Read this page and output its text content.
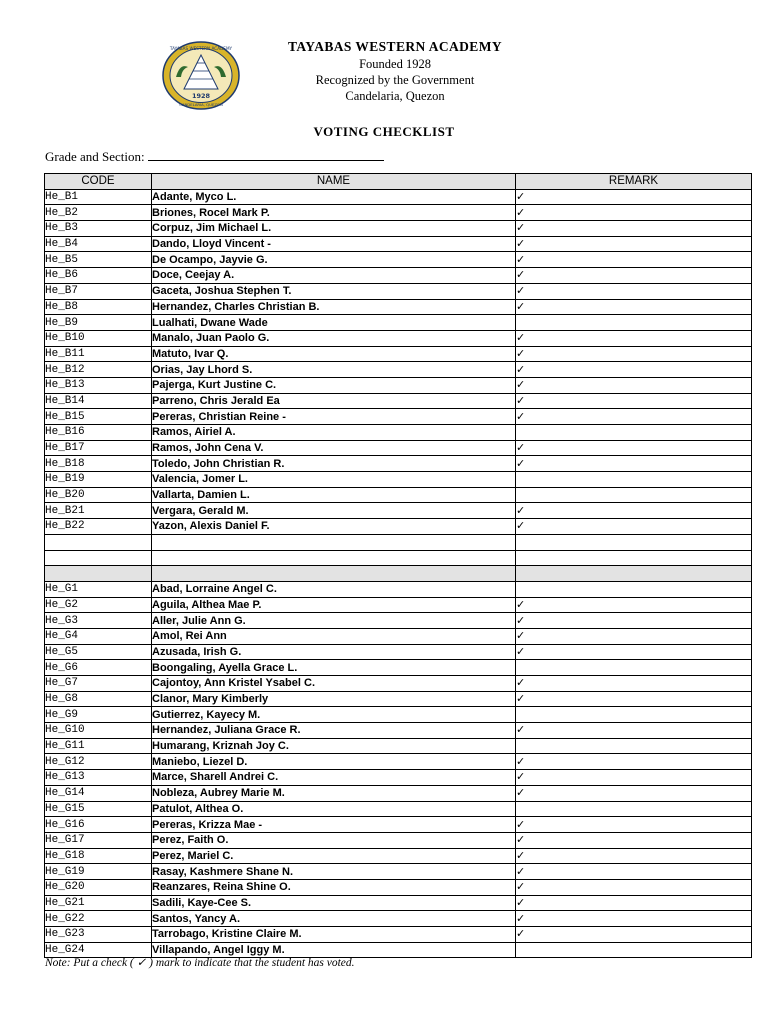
1928
TAYABAS WESTERN ACADEMY
CANDELARIA, QUEZON
TAYABAS WESTERN ACADEMY
Founded 1928
Recognized by the Government
Candelaria, Quezon
VOTING CHECKLIST
Grade and Section:
CODE	NAME	REMARK
He_B1	Adante, Myco L.	✓
He_B2	Briones, Rocel Mark P.	✓
He_B3	Corpuz, Jim Michael L.	✓
He_B4	Dando, Lloyd Vincent -	✓
He_B5	De Ocampo, Jayvie G.	✓
He_B6	Doce, Ceejay A.	✓
He_B7	Gaceta, Joshua Stephen T.	✓
He_B8	Hernandez, Charles Christian B.	✓
He_B9	Lualhati, Dwane Wade	
He_B10	Manalo, Juan Paolo G.	✓
He_B11	Matuto, Ivar Q.	✓
He_B12	Orias, Jay Lhord S.	✓
He_B13	Pajerga, Kurt Justine C.	✓
He_B14	Parreno, Chris Jerald Ea	✓
He_B15	Pereras, Christian Reine -	✓
He_B16	Ramos, Airiel A.	
He_B17	Ramos, John Cena V.	✓
He_B18	Toledo, John Christian R.	✓
He_B19	Valencia, Jomer L.	
He_B20	Vallarta, Damien L.	
He_B21	Vergara, Gerald M.	✓
He_B22	Yazon, Alexis Daniel F.	✓

He_G1	Abad, Lorraine Angel C.	
He_G2	Aguila, Althea Mae P.	✓
He_G3	Aller, Julie Ann G.	✓
He_G4	Amol, Rei Ann	✓
He_G5	Azusada, Irish G.	✓
He_G6	Boongaling, Ayella Grace L.	
He_G7	Cajontoy, Ann Kristel Ysabel C.	✓
He_G8	Clanor, Mary Kimberly	✓
He_G9	Gutierrez, Kayecy M.	
He_G10	Hernandez, Juliana Grace R.	✓
He_G11	Humarang, Kriznah Joy C.	
He_G12	Maniebo, Liezel D.	✓
He_G13	Marce, Sharell Andrei C.	✓
He_G14	Nobleza, Aubrey Marie M.	✓
He_G15	Patulot, Althea O.	
He_G16	Pereras, Krizza Mae -	✓
He_G17	Perez, Faith O.	✓
He_G18	Perez, Mariel C.	✓
He_G19	Rasay, Kashmere Shane N.	✓
He_G20	Reanzares, Reina Shine O.	✓
He_G21	Sadili, Kaye-Cee S.	✓
He_G22	Santos, Yancy A.	✓
He_G23	Tarrobago, Kristine Claire M.	✓
He_G24	Villapando, Angel Iggy M.	
Note: Put a check ( ✓ ) mark to indicate that the student has voted.
